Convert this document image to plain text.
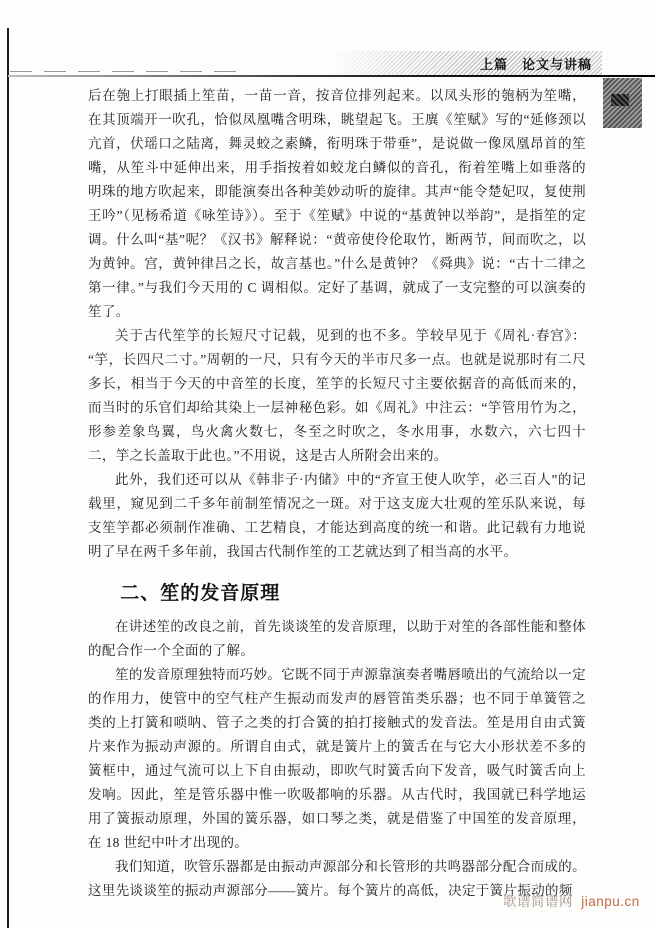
上篇 论文与讲稿

后在匏上打眼插上笙苗，一苗一音，按音位排列起来。以凤头形的匏柄为笙嘴，在其顶端开一吹孔，恰似凤凰嘴含明珠，眺望起飞。王廙《笙赋》写的“延修颈以亢首，伏瑶口之陆离，舞灵蛟之素鳞，衔明珠于带垂”，是说做一像凤凰昂首的笙嘴，从笙斗中延伸出来，用手指按着如蛟龙白鳞似的音孔，衔着笙嘴上如垂落的明珠的地方吹起来，即能演奏出各种美妙动听的旋律。其声“能令楚妃叹，复使荆王吟”（见杨希道《咏笙诗》）。至于《笙赋》中说的“基黄钟以举韵”，是指笙的定调。什么叫“基”呢？《汉书》解释说：“黄帝使伶伦取竹，断两节，间而吹之，以为黄钟。宫，黄钟律吕之长，故言基也。”什么是黄钟？《舜典》说：“古十二律之第一律。”与我们今天用的 C 调相似。定好了基调，就成了一支完整的可以演奏的笙了。

关于古代笙竽的长短尺寸记载，见到的也不多。竽较早见于《周礼·春宫》：“竽，长四尺二寸。”周朝的一尺，只有今天的半市尺多一点。也就是说那时有二尺多长，相当于今天的中音笙的长度，笙竽的长短尺寸主要依据音的高低而来的，而当时的乐官们却给其染上一层神秘色彩。如《周礼》中注云：“竽管用竹为之，形参差象鸟翼，鸟火禽火数七，冬至之时吹之，冬水用事，水数六，六七四十二，竽之长盖取于此也。”不用说，这是古人所附会出来的。

此外，我们还可以从《韩非子·内储》中的“齐宣王使人吹竽，必三百人”的记载里，窥见到二千多年前制笙情况之一斑。对于这支庞大壮观的笙乐队来说，每支笙竽都必须制作准确、工艺精良，才能达到高度的统一和谐。此记载有力地说明了早在两千多年前，我国古代制作笙的工艺就达到了相当高的水平。

二、笙的发音原理

在讲述笙的改良之前，首先谈谈笙的发音原理，以助于对笙的各部性能和整体的配合作一个全面的了解。

笙的发音原理独特而巧妙。它既不同于声源靠演奏者嘴唇喷出的气流给以一定的作用力，使管中的空气柱产生振动而发声的唇管笛类乐器；也不同于单簧管之类的上打簧和唢呐、管子之类的打合簧的拍打接触式的发音法。笙是用自由式簧片来作为振动声源的。所谓自由式，就是簧片上的簧舌在与它大小形状差不多的簧框中，通过气流可以上下自由振动，即吹气时簧舌向下发音，吸气时簧舌向上发响。因此，笙是管乐器中惟一吹吸都响的乐器。从古代时，我国就已科学地运用了簧振动原理，外国的簧乐器，如口琴之类，就是借鉴了中国笙的发音原理，在 18 世纪中叶才出现的。

我们知道，吹管乐器都是由振动声源部分和长管形的共鸣器部分配合而成的。这里先谈谈笙的振动声源部分——簧片。每个簧片的高低，决定于簧片振动的频

歌谱简谱网 jianpu.cn
